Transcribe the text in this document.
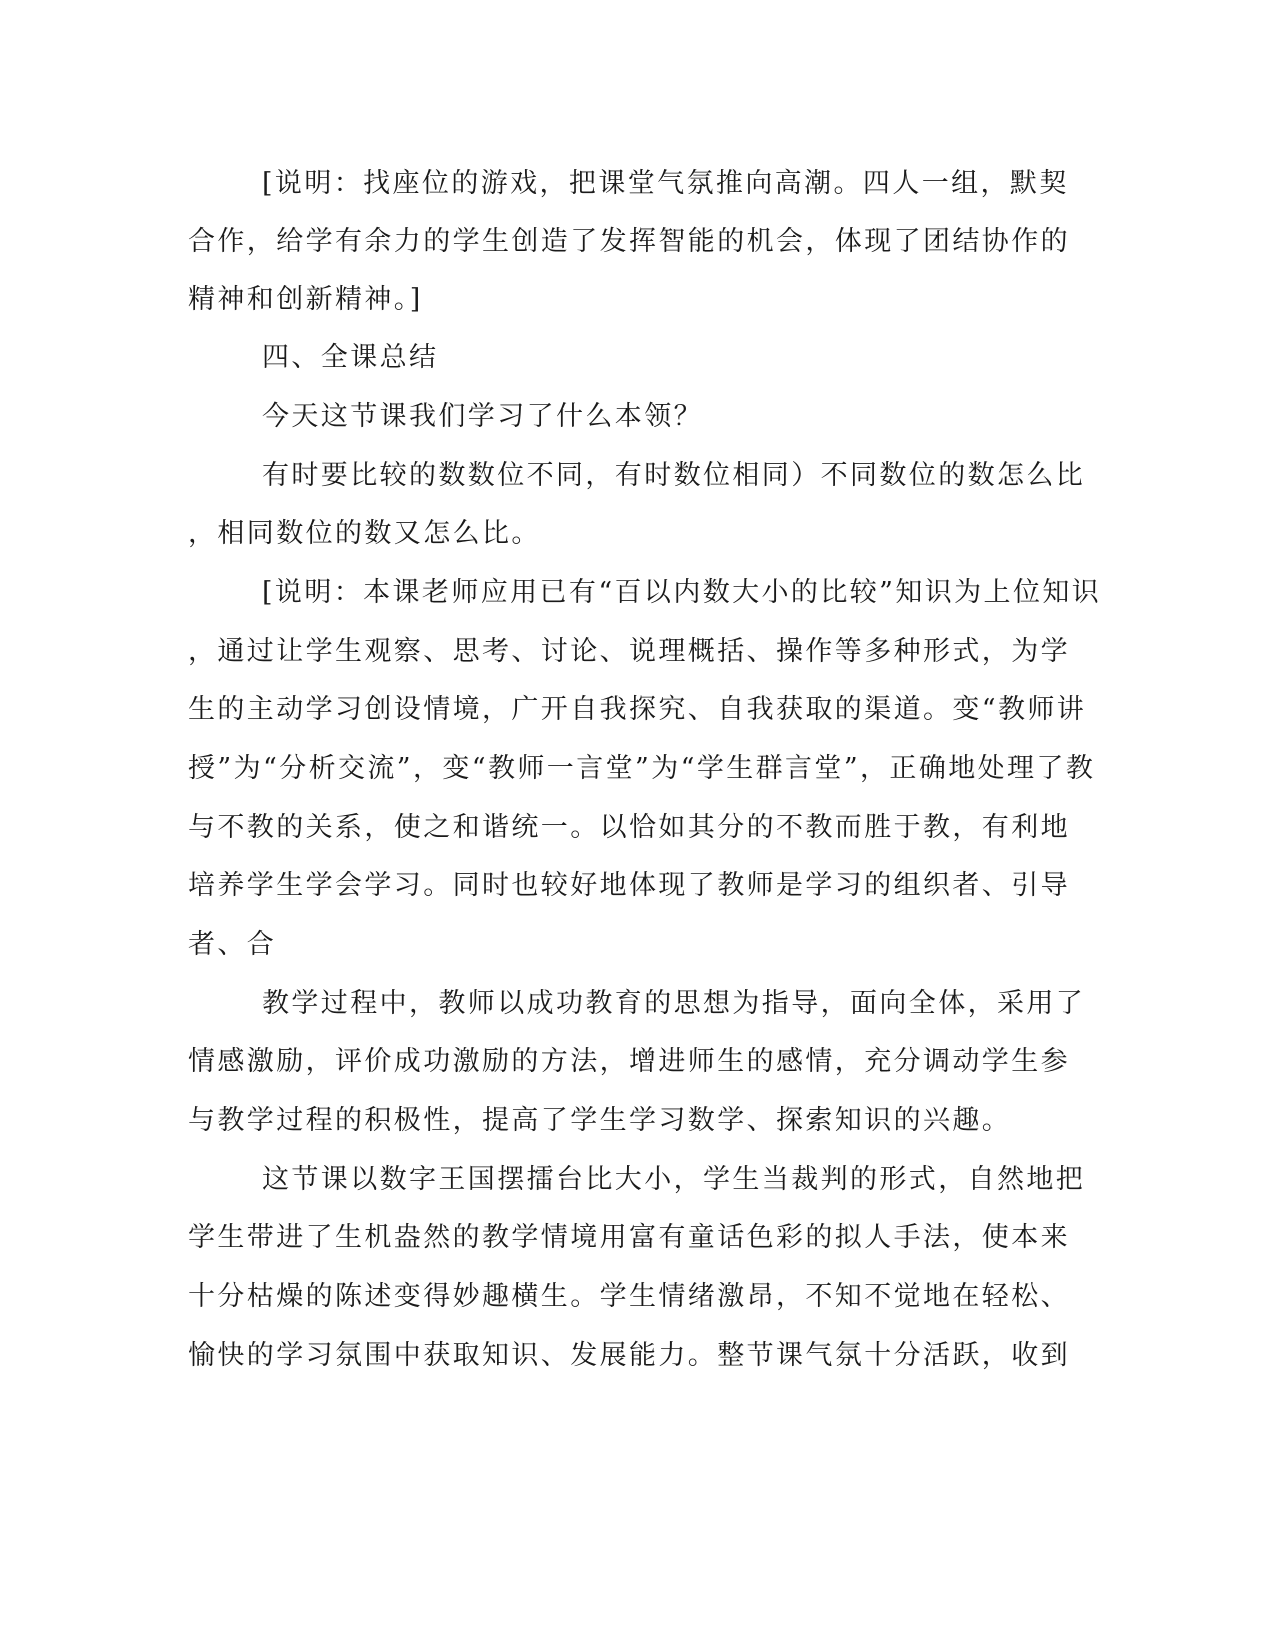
[说明：找座位的游戏，把课堂气氛推向高潮。四人一组，默契
合作，给学有余力的学生创造了发挥智能的机会，体现了团结协作的
精神和创新精神。]
四、全课总结
今天这节课我们学习了什么本领？
有时要比较的数数位不同，有时数位相同）不同数位的数怎么比
，相同数位的数又怎么比。
[说明：本课老师应用已有“百以内数大小的比较”知识为上位知识
，通过让学生观察、思考、讨论、说理概括、操作等多种形式，为学
生的主动学习创设情境，广开自我探究、自我获取的渠道。变“教师讲
授”为“分析交流”，变“教师一言堂”为“学生群言堂”，正确地处理了教
与不教的关系，使之和谐统一。以恰如其分的不教而胜于教，有利地
培养学生学会学习。同时也较好地体现了教师是学习的组织者、引导
者、合
教学过程中，教师以成功教育的思想为指导，面向全体，采用了
情感激励，评价成功激励的方法，增进师生的感情，充分调动学生参
与教学过程的积极性，提高了学生学习数学、探索知识的兴趣。
这节课以数字王国摆擂台比大小，学生当裁判的形式，自然地把
学生带进了生机盎然的教学情境用富有童话色彩的拟人手法，使本来
十分枯燥的陈述变得妙趣横生。学生情绪激昂，不知不觉地在轻松、
愉快的学习氛围中获取知识、发展能力。整节课气氛十分活跃，收到
